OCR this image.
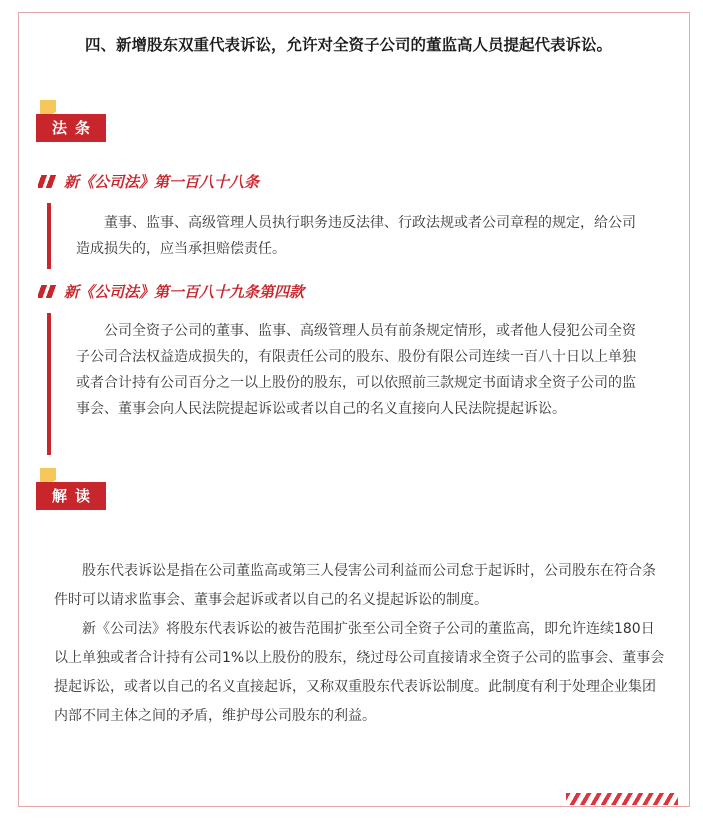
四、新增股东双重代表诉讼，允许对全资子公司的董监高人员提起代表诉讼。
法条
新《公司法》第一百八十八条

董事、监事、高级管理人员执行职务违反法律、行政法规或者公司章程的规定，给公司造成损失的，应当承担赔偿责任。

新《公司法》第一百八十九条第四款

公司全资子公司的董事、监事、高级管理人员有前条规定情形，或者他人侵犯公司全资子公司合法权益造成损失的，有限责任公司的股东、股份有限公司连续一百八十日以上单独或者合计持有公司百分之一以上股份的股东，可以依照前三款规定书面请求全资子公司的监事会、董事会向人民法院提起诉讼或者以自己的名义直接向人民法院提起诉讼。

解读

股东代表诉讼是指在公司董监高或第三人侵害公司利益而公司怠于起诉时，公司股东在符合条件时可以请求监事会、董事会起诉或者以自己的名义提起诉讼的制度。

新《公司法》将股东代表诉讼的被告范围扩张至公司全资子公司的董监高，即允许连续180日以上单独或者合计持有公司1%以上股份的股东，绕过母公司直接请求全资子公司的监事会、董事会提起诉讼，或者以自己的名义直接起诉，又称双重股东代表诉讼制度。此制度有利于处理企业集团内部不同主体之间的矛盾，维护母公司股东的利益。
